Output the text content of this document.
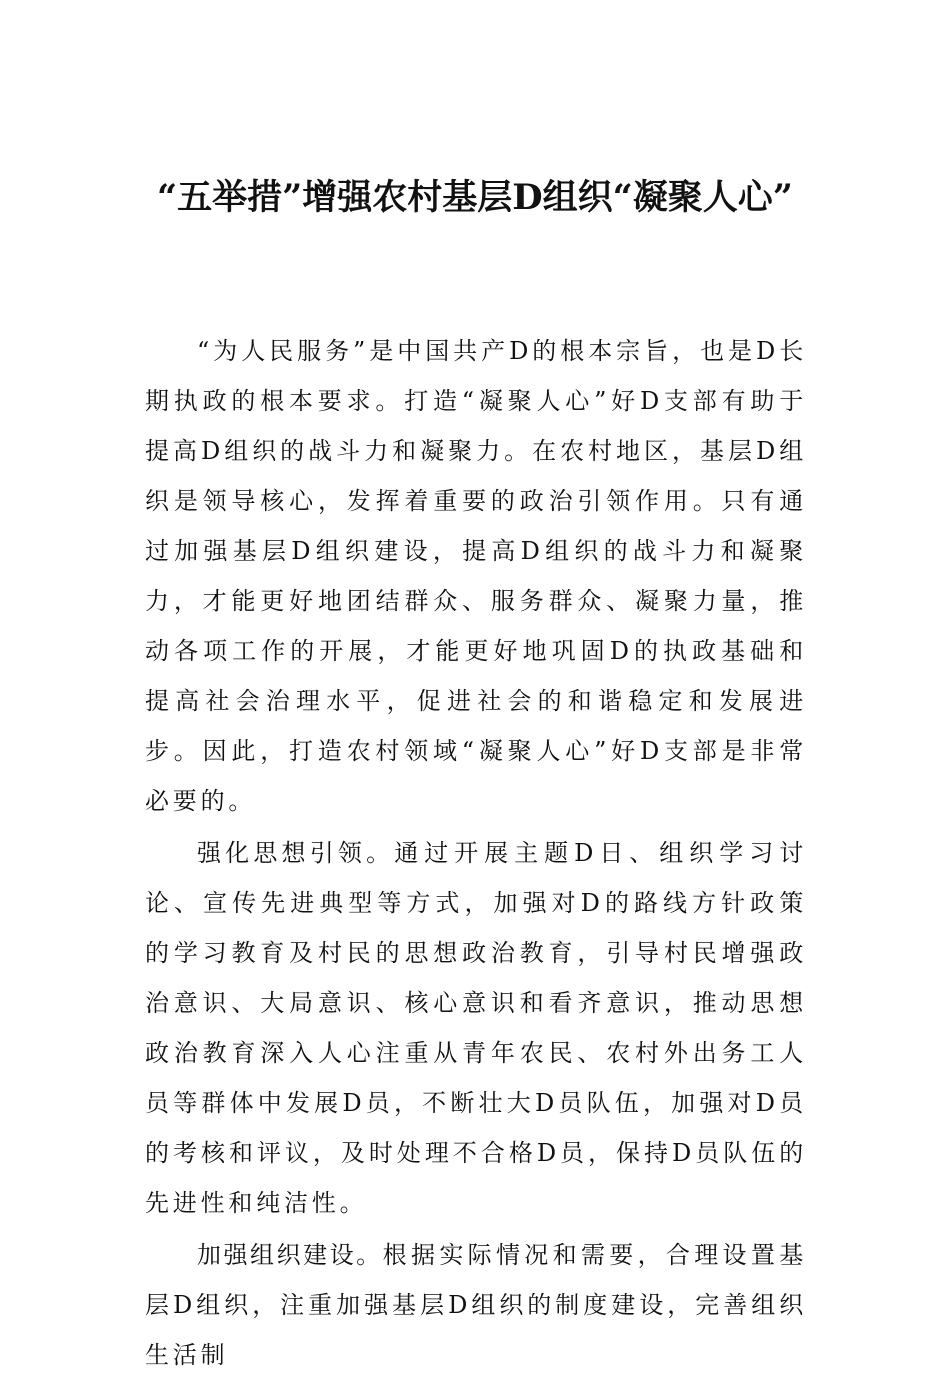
“五举措”增强农村基层D组织“凝聚人心”

“为人民服务”是中国共产D的根本宗旨，也是D长期执政的根本要求。打造“凝聚人心”好D支部有助于提高D组织的战斗力和凝聚力。在农村地区，基层D组织是领导核心，发挥着重要的政治引领作用。只有通过加强基层D组织建设，提高D组织的战斗力和凝聚力，才能更好地团结群众、服务群众、凝聚力量，推动各项工作的开展，才能更好地巩固D的执政基础和提高社会治理水平，促进社会的和谐稳定和发展进步。因此，打造农村领域“凝聚人心”好D支部是非常必要的。

强化思想引领。通过开展主题D日、组织学习讨论、宣传先进典型等方式，加强对D的路线方针政策的学习教育及村民的思想政治教育，引导村民增强政治意识、大局意识、核心意识和看齐意识，推动思想政治教育深入人心注重从青年农民、农村外出务工人员等群体中发展D员，不断壮大D员队伍，加强对D员的考核和评议，及时处理不合格D员，保持D员队伍的先进性和纯洁性。

加强组织建设。根据实际情况和需要，合理设置基层D组织，注重加强基层D组织的制度建设，完善组织生活制
